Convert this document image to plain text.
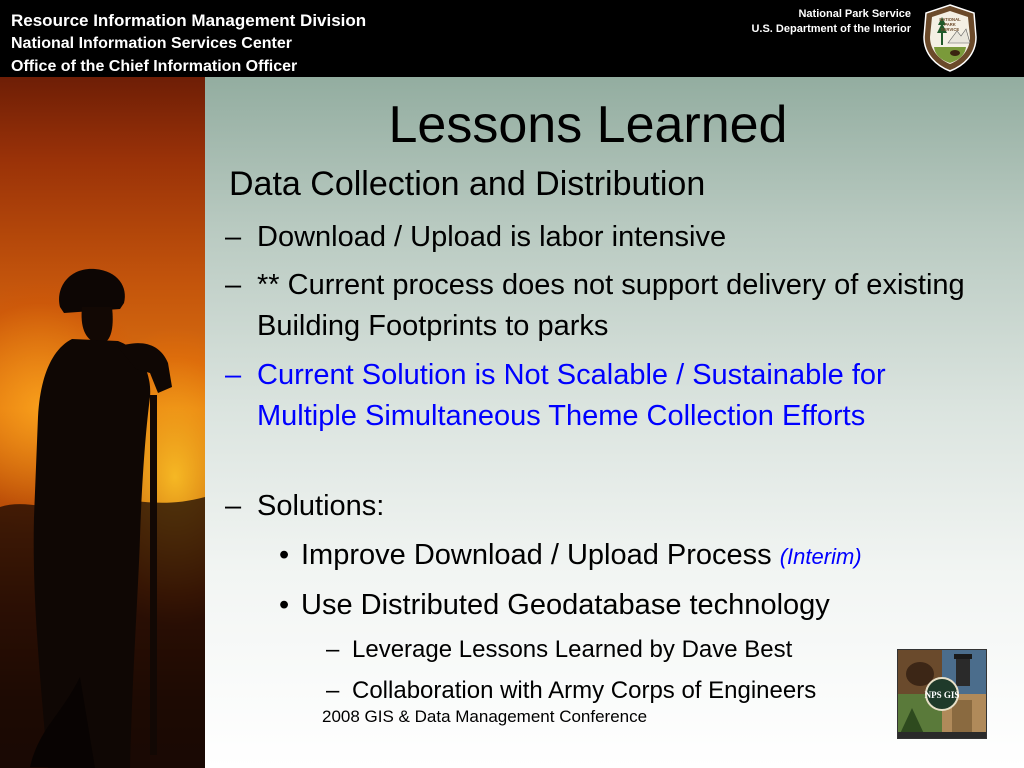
Resource Information Management Division
National Information Services Center
Office of the Chief Information Officer
National Park Service
U.S. Department of the Interior
NATIONAL
PARK
SERVICE
Lessons Learned
Data Collection and Distribution
– Download / Upload is labor intensive
– ** Current process does not support delivery of existing Building Footprints to parks
– Current Solution is Not Scalable / Sustainable for Multiple Simultaneous Theme Collection Efforts
– Solutions:
• Improve Download / Upload Process (Interim)
• Use Distributed Geodatabase technology
– Leverage Lessons Learned by Dave Best
– Collaboration with Army Corps of Engineers
2008 GIS & Data Management Conference
NPS GIS
